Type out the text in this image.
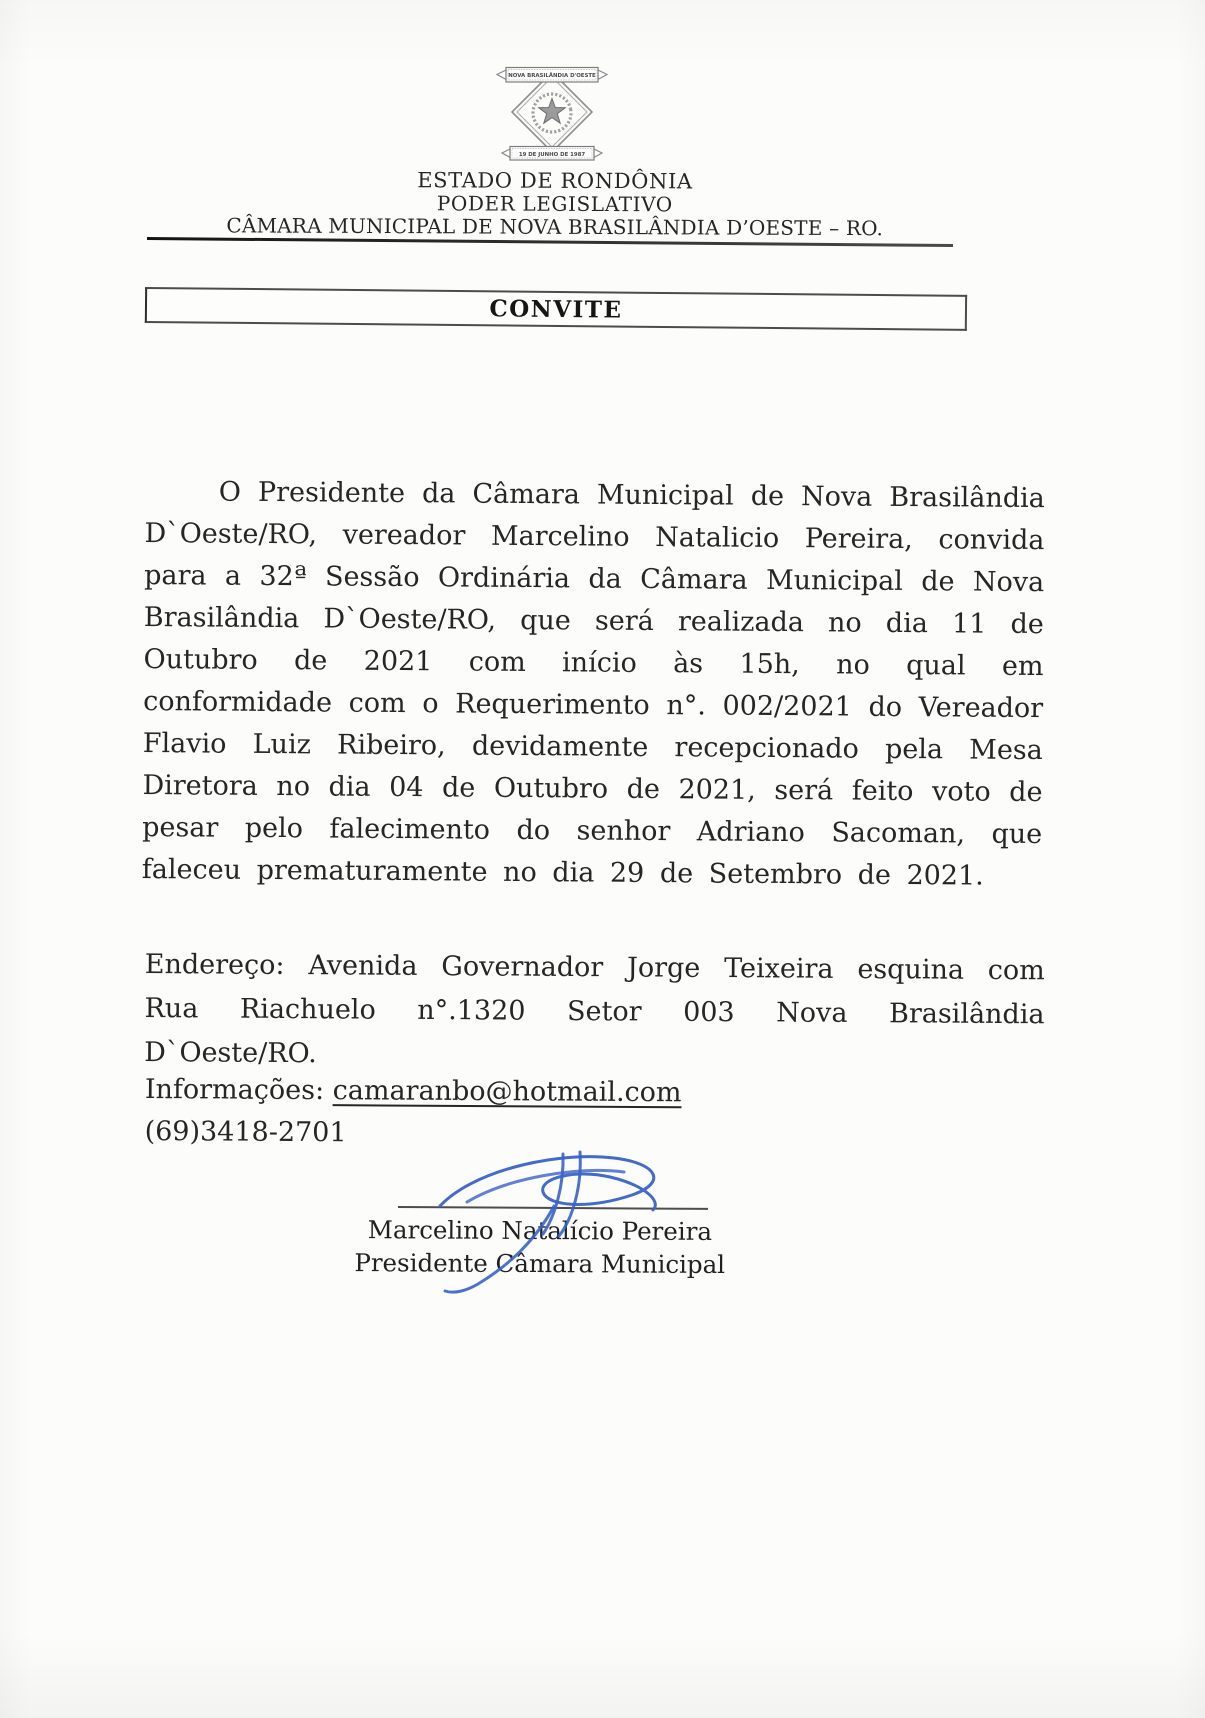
NOVA BRASILÂNDIA D'OESTE
19 DE JUNHO DE 1987
ESTADO DE RONDÔNIA
PODER LEGISLATIVO
CÂMARA MUNICIPAL DE NOVA BRASILÂNDIA D’OESTE – RO.
CONVITE

O Presidente da Câmara Municipal de Nova Brasilândia D`Oeste/RO, vereador Marcelino Natalicio Pereira, convida para a 32ª Sessão Ordinária da Câmara Municipal de Nova Brasilândia D`Oeste/RO, que será realizada no dia 11 de Outubro de 2021 com início às 15h, no qual em conformidade com o Requerimento n°. 002/2021 do Vereador Flavio Luiz Ribeiro, devidamente recepcionado pela Mesa Diretora no dia 04 de Outubro de 2021, será feito voto de pesar pelo falecimento do senhor Adriano Sacoman, que faleceu prematuramente no dia 29 de Setembro de 2021.

Endereço: Avenida Governador Jorge Teixeira esquina com Rua Riachuelo n°.1320 Setor 003 Nova Brasilândia D`Oeste/RO.

Informações: camaranbo@hotmail.com
(69)3418-2701

Marcelino Natalício Pereira
Presidente Câmara Municipal
